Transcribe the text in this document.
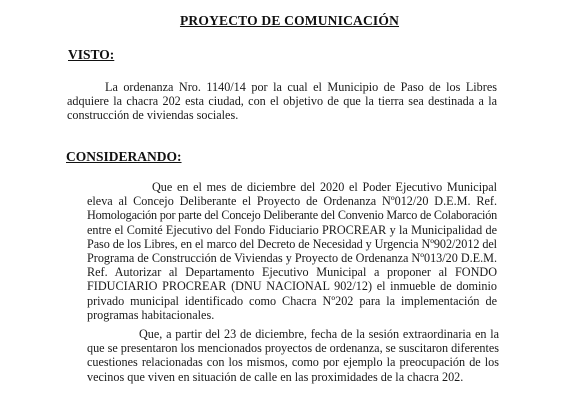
PROYECTO DE COMUNICACIÓN
VISTO:
La ordenanza Nro. 1140/14 por la cual el Municipio de Paso de los Libres
adquiere la chacra 202 esta ciudad, con el objetivo de que la tierra sea destinada a la
construcción de viviendas sociales.
CONSIDERANDO:
Que en el mes de diciembre del 2020 el Poder Ejecutivo Municipal
eleva al Concejo Deliberante el Proyecto de Ordenanza Nº012/20 D.E.M. Ref.
Homologación por parte del Concejo Deliberante del Convenio Marco de Colaboración
entre el Comité Ejecutivo del Fondo Fiduciario PROCREAR y la Municipalidad de
Paso de los Libres, en el marco del Decreto de Necesidad y Urgencia Nº902/2012 del
Programa de Construcción de Viviendas y Proyecto de Ordenanza Nº013/20 D.E.M.
Ref. Autorizar al Departamento Ejecutivo Municipal a proponer al FONDO
FIDUCIARIO PROCREAR (DNU NACIONAL 902/12) el inmueble de dominio
privado municipal identificado como Chacra Nº202 para la implementación de
programas habitacionales.
Que, a partir del 23 de diciembre, fecha de la sesión extraordinaria en la
que se presentaron los mencionados proyectos de ordenanza, se suscitaron diferentes
cuestiones relacionadas con los mismos, como por ejemplo la preocupación de los
vecinos que viven en situación de calle en las proximidades de la chacra 202.
